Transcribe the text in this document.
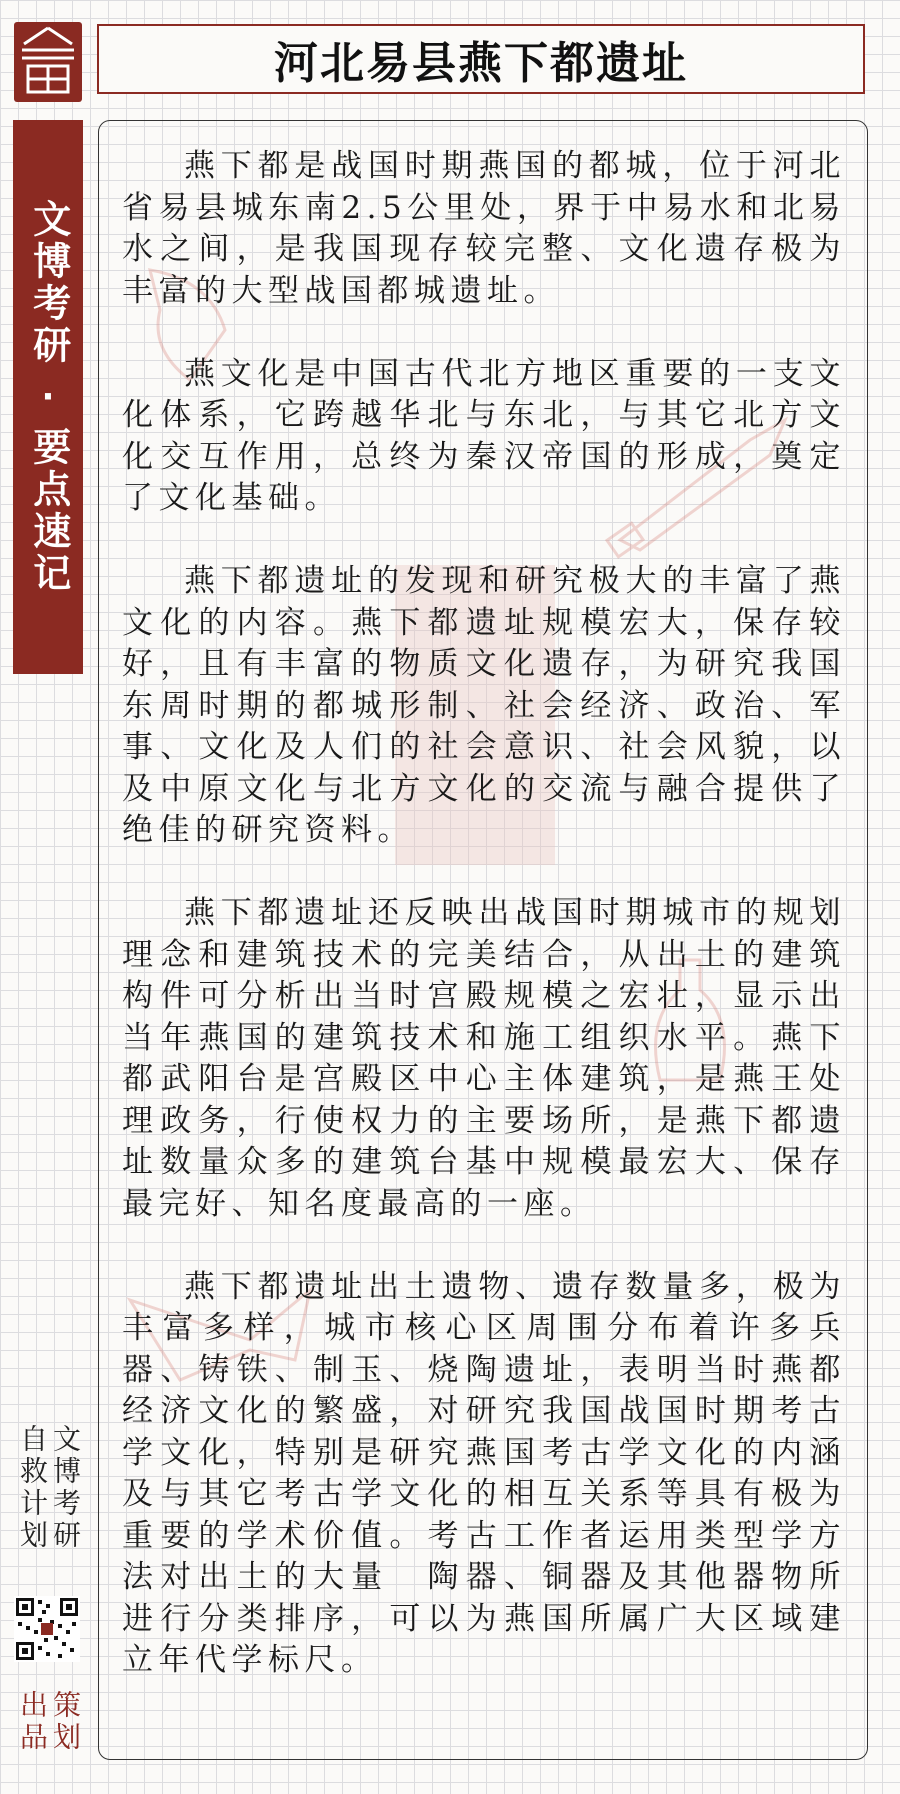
文博考研
·
要点速记
河北易县燕下都遗址

燕下都是战国时期燕国的都城，位于河北省易县城东南2.5公里处，界于中易水和北易水之间，是我国现存较完整、文化遗存极为丰富的大型战国都城遗址。

燕文化是中国古代北方地区重要的一支文化体系，它跨越华北与东北，与其它北方文化交互作用，总终为秦汉帝国的形成，奠定了文化基础。

燕下都遗址的发现和研究极大的丰富了燕文化的内容。燕下都遗址规模宏大，保存较好，且有丰富的物质文化遗存，为研究我国东周时期的都城形制、社会经济、政治、军事、文化及人们的社会意识、社会风貌，以及中原文化与北方文化的交流与融合提供了绝佳的研究资料。

燕下都遗址还反映出战国时期城市的规划理念和建筑技术的完美结合，从出土的建筑构件可分析出当时宫殿规模之宏壮，显示出当年燕国的建筑技术和施工组织水平。燕下都武阳台是宫殿区中心主体建筑，是燕王处理政务，行使权力的主要场所，是燕下都遗址数量众多的建筑台基中规模最宏大、保存最完好、知名度最高的一座。

燕下都遗址出土遗物、遗存数量多，极为丰富多样，城市核心区周围分布着许多兵器、铸铁、制玉、烧陶遗址，表明当时燕都经济文化的繁盛，对研究我国战国时期考古学文化，特别是研究燕国考古学文化的内涵及与其它考古学文化的相互关系等具有极为重要的学术价值。考古工作者运用类型学方法对出土的大量　陶器、铜器及其他器物所进行分类排序，可以为燕国所属广大区域建立年代学标尺。

文博考研
自救计划
策划
出品
